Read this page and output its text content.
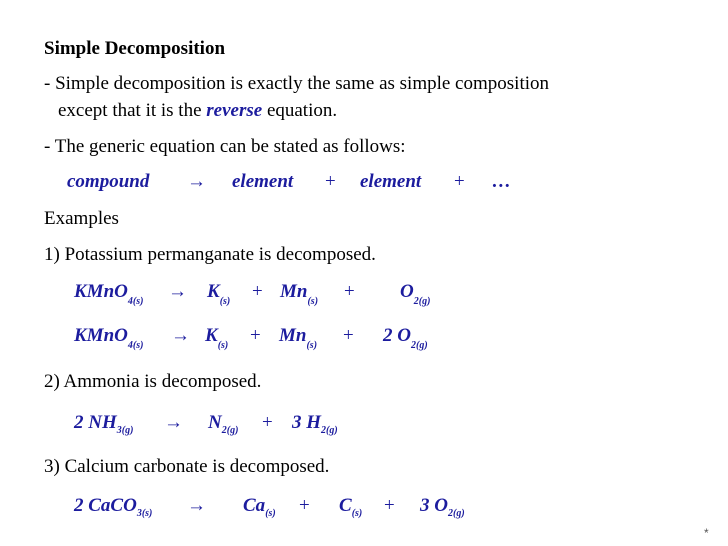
Simple Decomposition
- Simple decomposition is exactly the same as simple composition
except that it is the reverse equation.
- The generic equation can be stated as follows:
compound → element + element + …
Examples
1) Potassium permanganate is decomposed.
KMnO$_{4(s)}$ → $K_{(s)} + Mn_{(s)} + O_{2(g)}$
KMnO$_{4(s)}$ → $K_{(s)} + Mn_{(s)} + 2$ $O_{2(g)}$
2) Ammonia is decomposed.
2 $NH_{3(g)} \to N_{2(g)} + 3$ $H_{2(g)}$
3) Calcium carbonate is decomposed.
2 CaCO$_{3(s)}$ → $Ca_{(s)} + C_{(s)} + 3$ $O_{2(g)}$
*
